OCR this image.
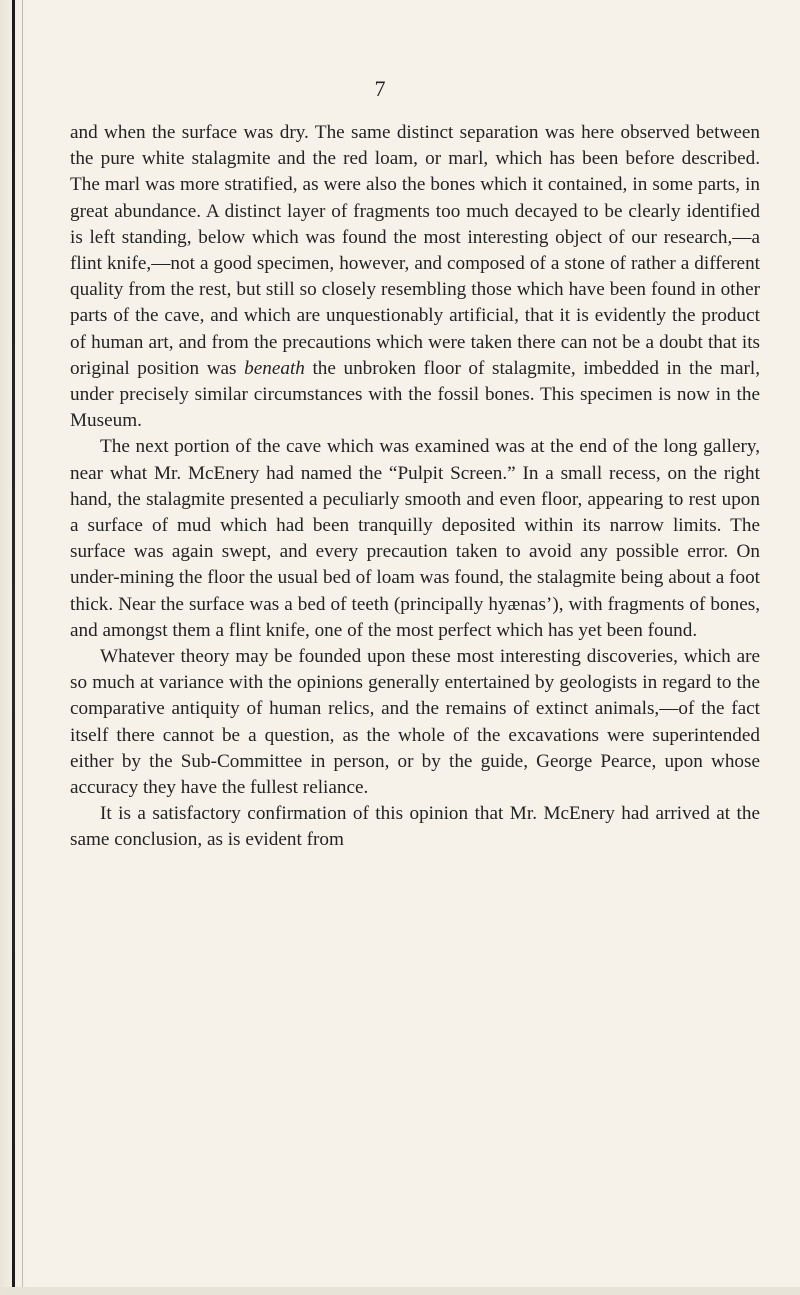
7

and when the surface was dry. The same distinct separation was here observed between the pure white stalagmite and the red loam, or marl, which has been before described. The marl was more stratified, as were also the bones which it contained, in some parts, in great abundance. A distinct layer of fragments too much decayed to be clearly identified is left standing, below which was found the most interesting object of our research,—a flint knife,—not a good specimen, however, and composed of a stone of rather a different quality from the rest, but still so closely resembling those which have been found in other parts of the cave, and which are unquestionably artificial, that it is evidently the product of human art, and from the precautions which were taken there can not be a doubt that its original position was beneath the unbroken floor of stalagmite, imbedded in the marl, under precisely similar circumstances with the fossil bones. This specimen is now in the Museum.

The next portion of the cave which was examined was at the end of the long gallery, near what Mr. McEnery had named the “Pulpit Screen.” In a small recess, on the right hand, the stalagmite presented a peculiarly smooth and even floor, appearing to rest upon a surface of mud which had been tranquilly deposited within its narrow limits. The surface was again swept, and every precaution taken to avoid any possible error. On under-mining the floor the usual bed of loam was found, the stalagmite being about a foot thick. Near the surface was a bed of teeth (principally hyænas’), with fragments of bones, and amongst them a flint knife, one of the most perfect which has yet been found.

Whatever theory may be founded upon these most interesting discoveries, which are so much at variance with the opinions generally entertained by geologists in regard to the comparative antiquity of human relics, and the remains of extinct animals,—of the fact itself there cannot be a question, as the whole of the excavations were superintended either by the Sub-Committee in person, or by the guide, George Pearce, upon whose accuracy they have the fullest reliance.

It is a satisfactory confirmation of this opinion that Mr. McEnery had arrived at the same conclusion, as is evident from
